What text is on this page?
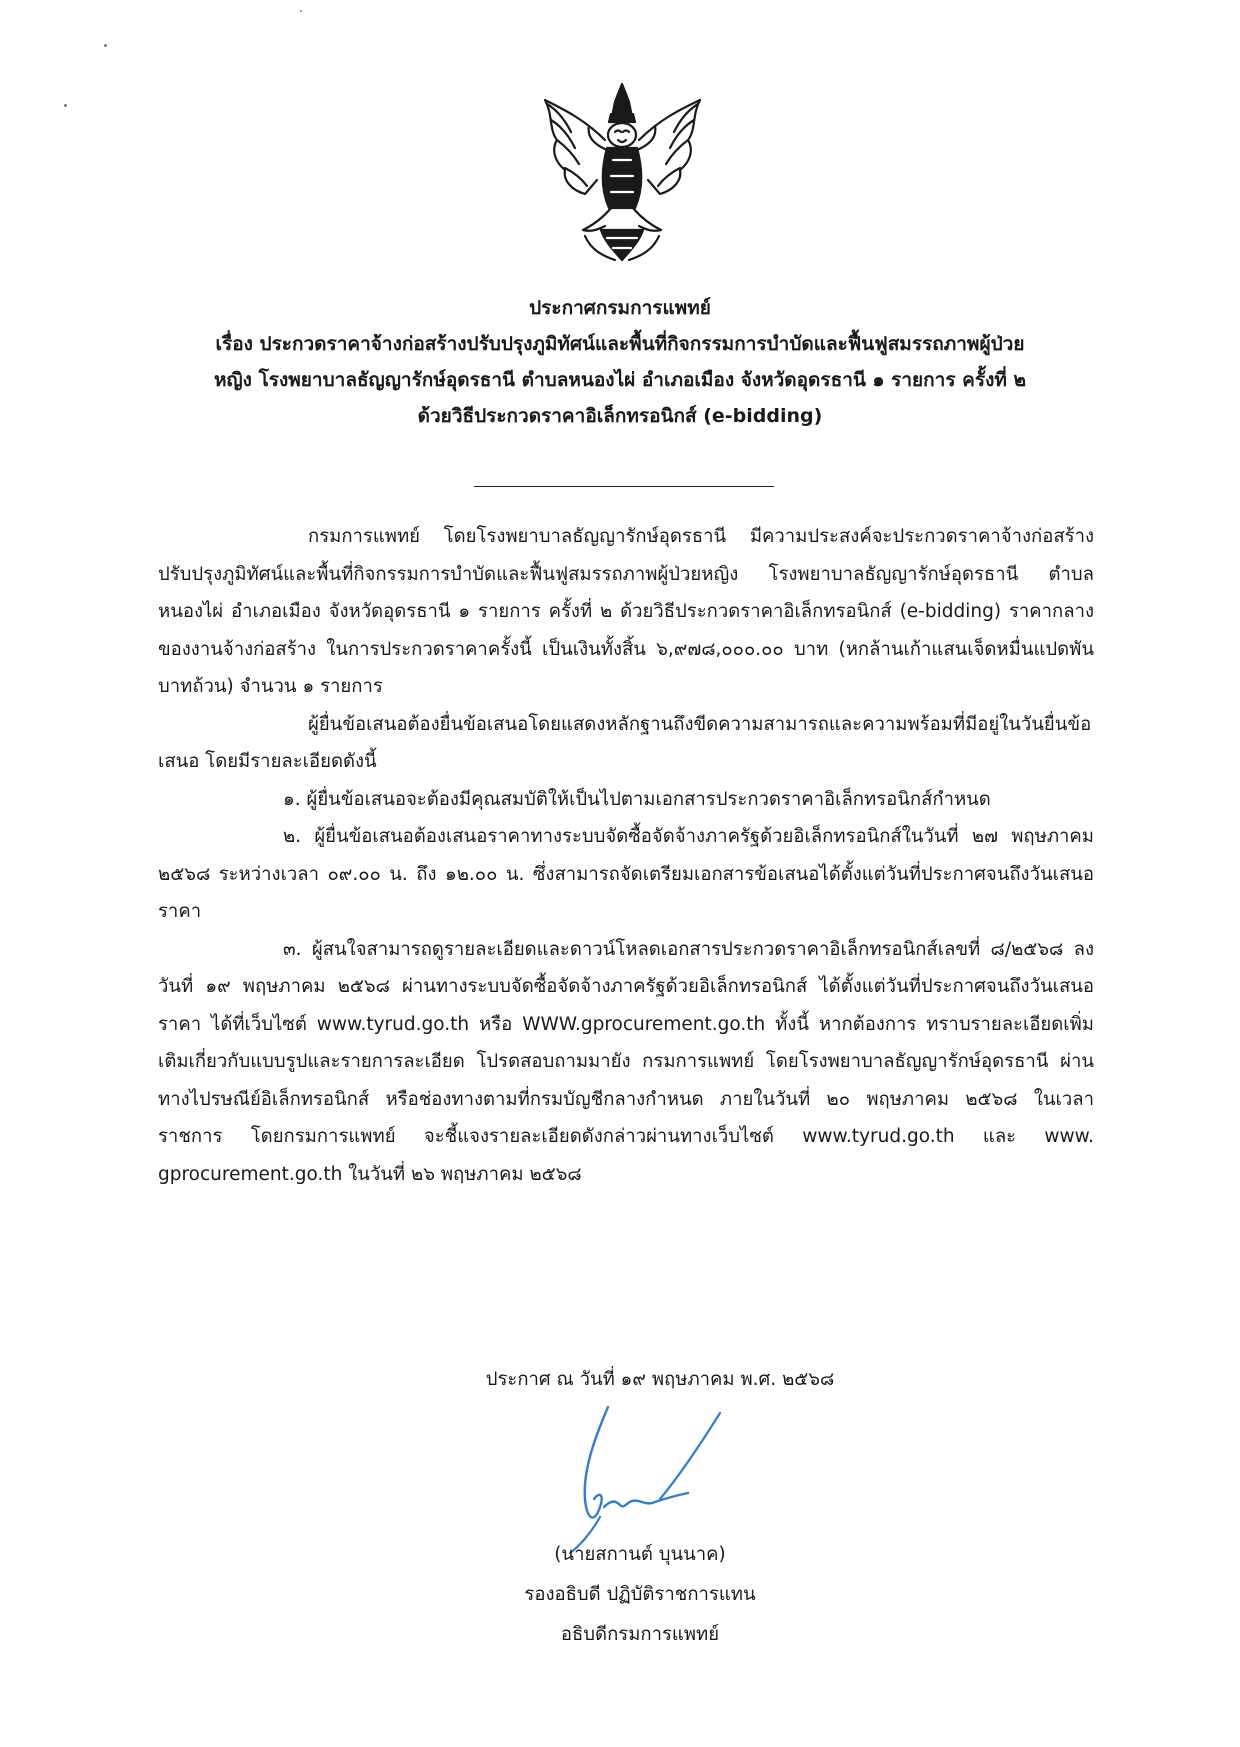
ประกาศกรมการแพทย์
เรื่อง ประกวดราคาจ้างก่อสร้างปรับปรุงภูมิทัศน์และพื้นที่กิจกรรมการบำบัดและฟื้นฟูสมรรถภาพผู้ป่วย
หญิง โรงพยาบาลธัญญารักษ์อุดรธานี ตำบลหนองไผ่ อำเภอเมือง จังหวัดอุดรธานี ๑ รายการ ครั้งที่ ๒
ด้วยวิธีประกวดราคาอิเล็กทรอนิกส์ (e-bidding)

กรมการแพทย์ โดยโรงพยาบาลธัญญารักษ์อุดรธานี มีความประสงค์จะประกวดราคาจ้างก่อสร้างปรับปรุงภูมิทัศน์และพื้นที่กิจกรรมการบำบัดและฟื้นฟูสมรรถภาพผู้ป่วยหญิง โรงพยาบาลธัญญารักษ์อุดรธานี ตำบลหนองไผ่ อำเภอเมือง จังหวัดอุดรธานี ๑ รายการ ครั้งที่ ๒ ด้วยวิธีประกวดราคาอิเล็กทรอนิกส์ (e-bidding) ราคากลางของงานจ้างก่อสร้าง ในการประกวดราคาครั้งนี้ เป็นเงินทั้งสิ้น ๖,๙๗๘,๐๐๐.๐๐ บาท (หกล้านเก้าแสนเจ็ดหมื่นแปดพันบาทถ้วน) จำนวน ๑ รายการ

ผู้ยื่นข้อเสนอต้องยื่นข้อเสนอโดยแสดงหลักฐานถึงขีดความสามารถและความพร้อมที่มีอยู่ในวันยื่นข้อเสนอ โดยมีรายละเอียดดังนี้

๑. ผู้ยื่นข้อเสนอจะต้องมีคุณสมบัติให้เป็นไปตามเอกสารประกวดราคาอิเล็กทรอนิกส์กำหนด

๒. ผู้ยื่นข้อเสนอต้องเสนอราคาทางระบบจัดซื้อจัดจ้างภาครัฐด้วยอิเล็กทรอนิกส์ในวันที่ ๒๗ พฤษภาคม ๒๕๖๘ ระหว่างเวลา ๐๙.๐๐ น. ถึง ๑๒.๐๐ น. ซึ่งสามารถจัดเตรียมเอกสารข้อเสนอได้ตั้งแต่วันที่ประกาศจนถึงวันเสนอราคา

๓. ผู้สนใจสามารถดูรายละเอียดและดาวน์โหลดเอกสารประกวดราคาอิเล็กทรอนิกส์เลขที่ ๘/๒๕๖๘ ลงวันที่ ๑๙ พฤษภาคม ๒๕๖๘ ผ่านทางระบบจัดซื้อจัดจ้างภาครัฐด้วยอิเล็กทรอนิกส์ ได้ตั้งแต่วันที่ประกาศจนถึงวันเสนอราคา ได้ที่เว็บไซต์ www.tyrud.go.th หรือ WWW.gprocurement.go.th ทั้งนี้ หากต้องการ ทราบรายละเอียดเพิ่มเติมเกี่ยวกับแบบรูปและรายการละเอียด โปรดสอบถามมายัง กรมการแพทย์ โดยโรงพยาบาลธัญญารักษ์อุดรธานี ผ่านทางไปรษณีย์อิเล็กทรอนิกส์ หรือช่องทางตามที่กรมบัญชีกลางกำหนด ภายในวันที่ ๒๐ พฤษภาคม ๒๕๖๘ ในเวลาราชการ โดยกรมการแพทย์ จะชี้แจงรายละเอียดดังกล่าวผ่านทางเว็บไซต์ www.tyrud.go.th และ www. gprocurement.go.th ในวันที่ ๒๖ พฤษภาคม ๒๕๖๘

ประกาศ ณ วันที่ ๑๙ พฤษภาคม พ.ศ. ๒๕๖๘
(นายสกานต์ บุนนาค)
รองอธิบดี ปฏิบัติราชการแทน
อธิบดีกรมการแพทย์
